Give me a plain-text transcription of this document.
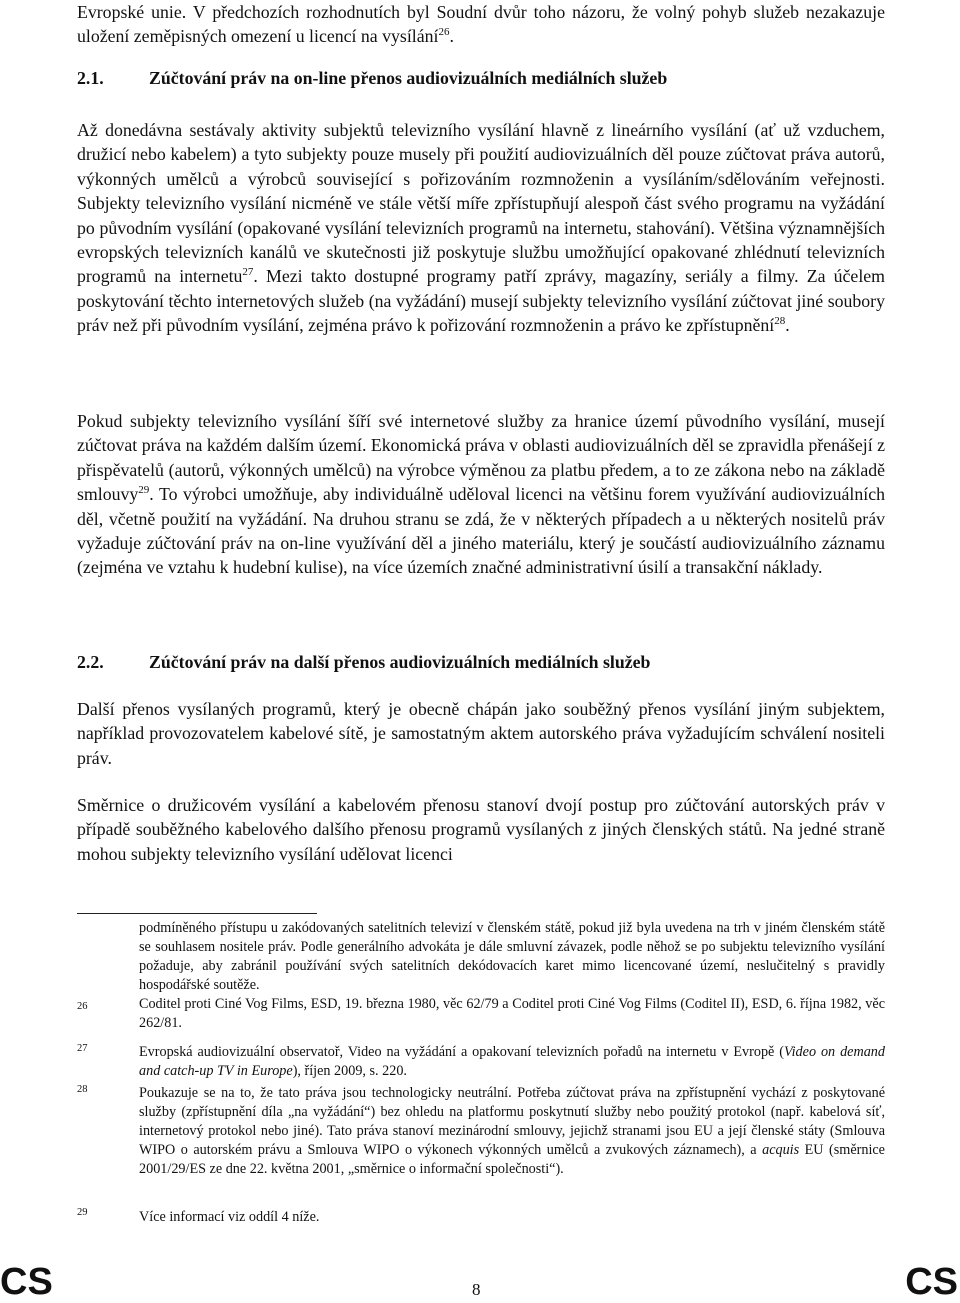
Evropské unie. V předchozích rozhodnutích byl Soudní dvůr toho názoru, že volný pohyb služeb nezakazuje uložení zeměpisných omezení u licencí na vysílání$^{26}$.

2.1.	Zúčtování práv na on-line přenos audiovizuálních mediálních služeb

Až donedávna sestávaly aktivity subjektů televizního vysílání hlavně z lineárního vysílání (ať už vzduchem, družicí nebo kabelem) a tyto subjekty pouze musely při použití audiovizuálních děl pouze zúčtovat práva autorů, výkonných umělců a výrobců související s pořizováním rozmnoženin a vysíláním/sdělováním veřejnosti. Subjekty televizního vysílání nicméně ve stále větší míře zpřístupňují alespoň část svého programu na vyžádání po původním vysílání (opakované vysílání televizních programů na internetu, stahování). Většina významnějších evropských televizních kanálů ve skutečnosti již poskytuje službu umožňující opakované zhlédnutí televizních programů na internetu$^{27}$. Mezi takto dostupné programy patří zprávy, magazíny, seriály a filmy. Za účelem poskytování těchto internetových služeb (na vyžádání) musejí subjekty televizního vysílání zúčtovat jiné soubory práv než při původním vysílání, zejména právo k pořizování rozmnoženin a právo ke zpřístupnění$^{28}$.

Pokud subjekty televizního vysílání šíří své internetové služby za hranice území původního vysílání, musejí zúčtovat práva na každém dalším území. Ekonomická práva v oblasti audiovizuálních děl se zpravidla přenášejí z přispěvatelů (autorů, výkonných umělců) na výrobce výměnou za platbu předem, a to ze zákona nebo na základě smlouvy$^{29}$. To výrobci umožňuje, aby individuálně uděloval licenci na většinu forem využívání audiovizuálních děl, včetně použití na vyžádání. Na druhou stranu se zdá, že v některých případech a u některých nositelů práv vyžaduje zúčtování práv na on-line využívání děl a jiného materiálu, který je součástí audiovizuálního záznamu (zejména ve vztahu k hudební kulise), na více územích značné administrativní úsilí a transakční náklady.

2.2.	Zúčtování práv na další přenos audiovizuálních mediálních služeb

Další přenos vysílaných programů, který je obecně chápán jako souběžný přenos vysílání jiným subjektem, například provozovatelem kabelové sítě, je samostatným aktem autorského práva vyžadujícím schválení nositeli práv.

Směrnice o družicovém vysílání a kabelovém přenosu stanoví dvojí postup pro zúčtování autorských práv v případě souběžného kabelového dalšího přenosu programů vysílaných z jiných členských států. Na jedné straně mohou subjekty televizního vysílání udělovat licenci

podmíněného přístupu u zakódovaných satelitních televizí v členském státě, pokud již byla uvedena na trh v jiném členském státě se souhlasem nositele práv. Podle generálního advokáta je dále smluvní závazek, podle něhož se po subjektu televizního vysílání požaduje, aby zabránil používání svých satelitních dekódovacích karet mimo licencované území, neslučitelný s pravidly hospodářské soutěže.

26	Coditel proti Ciné Vog Films, ESD, 19. března 1980, věc 62/79 a Coditel proti Ciné Vog Films (Coditel II), ESD, 6. října 1982, věc 262/81.

27	Evropská audiovizuální observatoř, Video na vyžádání a opakovaní televizních pořadů na internetu v Evropě (Video on demand and catch-up TV in Europe), říjen 2009, s. 220.

28	Poukazuje se na to, že tato práva jsou technologicky neutrální. Potřeba zúčtovat práva na zpřístupnění vychází z poskytované služby (zpřístupnění díla „na vyžádání“) bez ohledu na platformu poskytnutí služby nebo použitý protokol (např. kabelová síť, internetový protokol nebo jiné). Tato práva stanoví mezinárodní smlouvy, jejichž stranami jsou EU a její členské státy (Smlouva WIPO o autorském právu a Smlouva WIPO o výkonech výkonných umělců a zvukových záznamech), a acquis EU (směrnice 2001/29/ES ze dne 22. května 2001, „směrnice o informační společnosti“).

29	Více informací viz oddíl 4 níže.

CS	8	CS
